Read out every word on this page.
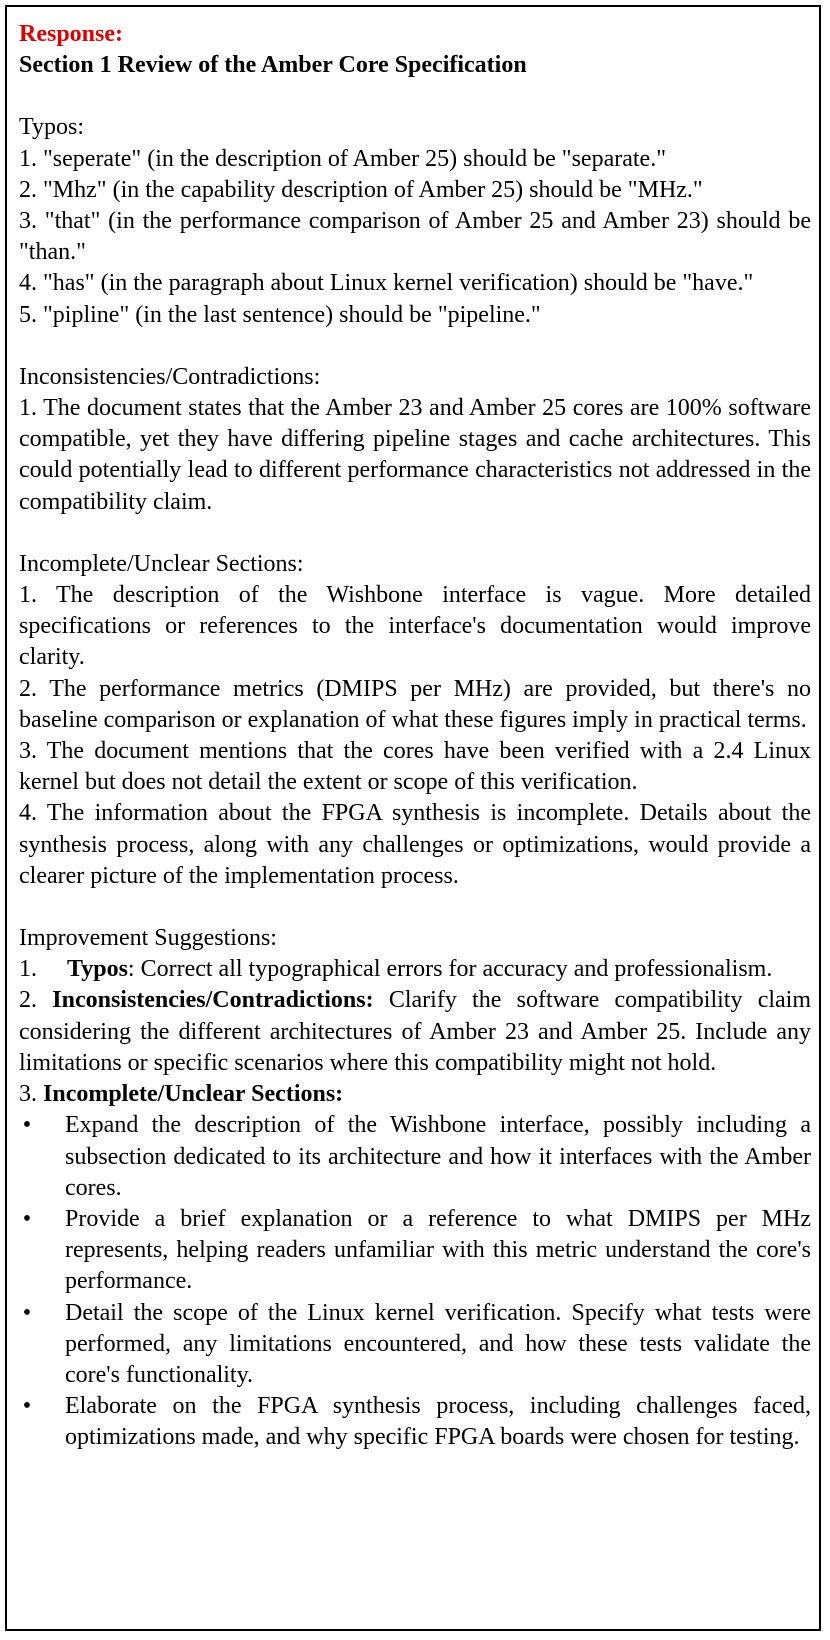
Response:

Section 1 Review of the Amber Core Specification

Typos:

1. "seperate" (in the description of Amber 25) should be "separate."

2. "Mhz" (in the capability description of Amber 25) should be "MHz."

3. "that" (in the performance comparison of Amber 25 and Amber 23) should be "than."

4. "has" (in the paragraph about Linux kernel verification) should be "have."

5. "pipline" (in the last sentence) should be "pipeline."

Inconsistencies/Contradictions:

1. The document states that the Amber 23 and Amber 25 cores are 100% software compatible, yet they have differing pipeline stages and cache architectures. This could potentially lead to different performance characteristics not addressed in the compatibility claim.

Incomplete/Unclear Sections:

1. The description of the Wishbone interface is vague. More detailed specifications or references to the interface's documentation would improve clarity.

2. The performance metrics (DMIPS per MHz) are provided, but there's no baseline comparison or explanation of what these figures imply in practical terms.

3. The document mentions that the cores have been verified with a 2.4 Linux kernel but does not detail the extent or scope of this verification.

4. The information about the FPGA synthesis is incomplete. Details about the synthesis process, along with any challenges or optimizations, would provide a clearer picture of the implementation process.

Improvement Suggestions:

1. Typos: Correct all typographical errors for accuracy and professionalism.

2. Inconsistencies/Contradictions: Clarify the software compatibility claim considering the different architectures of Amber 23 and Amber 25. Include any limitations or specific scenarios where this compatibility might not hold.

3. Incomplete/Unclear Sections:

• Expand the description of the Wishbone interface, possibly including a subsection dedicated to its architecture and how it interfaces with the Amber cores.
• Provide a brief explanation or a reference to what DMIPS per MHz represents, helping readers unfamiliar with this metric understand the core's performance.
• Detail the scope of the Linux kernel verification. Specify what tests were performed, any limitations encountered, and how these tests validate the core's functionality.
• Elaborate on the FPGA synthesis process, including challenges faced, optimizations made, and why specific FPGA boards were chosen for testing.
